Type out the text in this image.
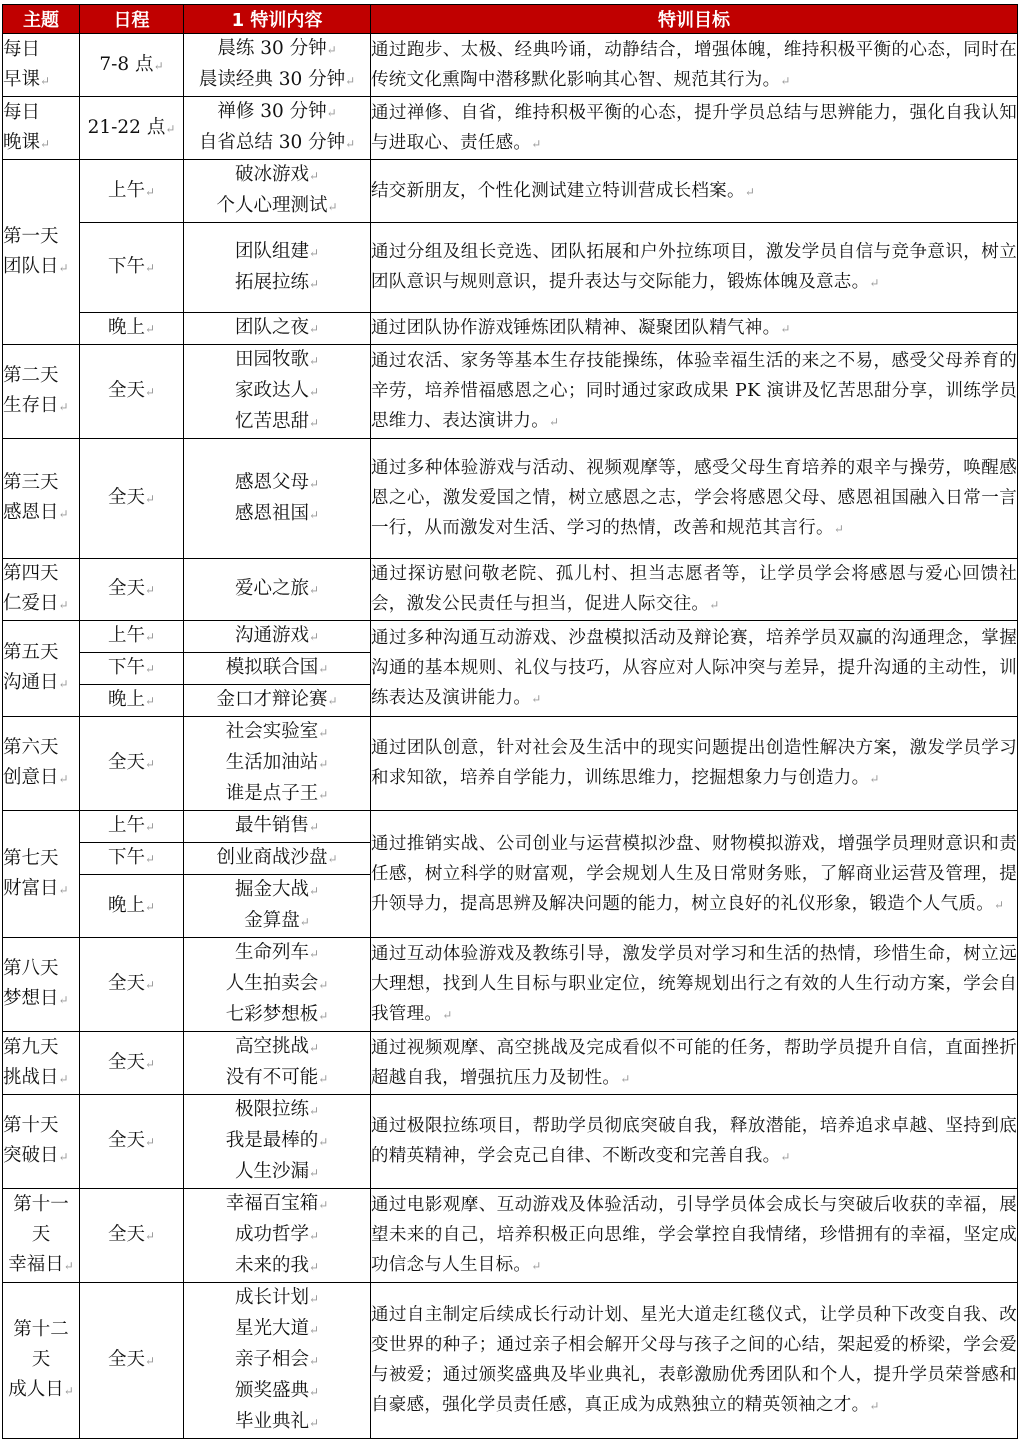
主题	日程	1 特训内容	特训目标

每日
早课↵	7-8 点↵	晨练 30 分钟↵
晨读经典 30 分钟↵	通过跑步、太极、经典吟诵，动静结合，增强体魄，维持积极平衡的心态，同时在传统文化熏陶中潜移默化影响其心智、规范其行为。↵

每日
晚课↵	21-22 点↵	禅修 30 分钟↵
自省总结 30 分钟↵	通过禅修、自省，维持积极平衡的心态，提升学员总结与思辨能力，强化自我认知与进取心、责任感。↵

第一天
团队日↵	上午↵	破冰游戏↵
个人心理测试↵	结交新朋友，个性化测试建立特训营成长档案。↵

	下午↵	团队组建↵
拓展拉练↵	通过分组及组长竞选、团队拓展和户外拉练项目，激发学员自信与竞争意识，树立团队意识与规则意识，提升表达与交际能力，锻炼体魄及意志。↵

	晚上↵	团队之夜↵	通过团队协作游戏锤炼团队精神、凝聚团队精气神。↵

第二天
生存日↵	全天↵	田园牧歌↵
家政达人↵
忆苦思甜↵	通过农活、家务等基本生存技能操练，体验幸福生活的来之不易，感受父母养育的辛劳，培养惜福感恩之心；同时通过家政成果 PK 演讲及忆苦思甜分享，训练学员思维力、表达演讲力。↵

第三天
感恩日↵	全天↵	感恩父母↵
感恩祖国↵	通过多种体验游戏与活动、视频观摩等，感受父母生育培养的艰辛与操劳，唤醒感恩之心，激发爱国之情，树立感恩之志，学会将感恩父母、感恩祖国融入日常一言一行，从而激发对生活、学习的热情，改善和规范其言行。↵

第四天
仁爱日↵	全天↵	爱心之旅↵	通过探访慰问敬老院、孤儿村、担当志愿者等，让学员学会将感恩与爱心回馈社会，激发公民责任与担当，促进人际交往。↵

第五天
沟通日↵	上午↵	沟通游戏↵	通过多种沟通互动游戏、沙盘模拟活动及辩论赛，培养学员双赢的沟通理念，掌握沟通的基本规则、礼仪与技巧，从容应对人际冲突与差异，提升沟通的主动性，训练表达及演讲能力。↵

	下午↵	模拟联合国↵	

	晚上↵	金口才辩论赛↵	

第六天
创意日↵	全天↵	社会实验室↵
生活加油站↵
谁是点子王↵	通过团队创意，针对社会及生活中的现实问题提出创造性解决方案，激发学员学习和求知欲，培养自学能力，训练思维力，挖掘想象力与创造力。↵

第七天
财富日↵	上午↵	最牛销售↵	通过推销实战、公司创业与运营模拟沙盘、财物模拟游戏，增强学员理财意识和责任感，树立科学的财富观，学会规划人生及日常财务账，了解商业运营及管理，提升领导力，提高思辨及解决问题的能力，树立良好的礼仪形象，锻造个人气质。↵

	下午↵	创业商战沙盘↵	

	晚上↵	掘金大战↵
金算盘↵	

第八天
梦想日↵	全天↵	生命列车↵
人生拍卖会↵
七彩梦想板↵	通过互动体验游戏及教练引导，激发学员对学习和生活的热情，珍惜生命，树立远大理想，找到人生目标与职业定位，统筹规划出行之有效的人生行动方案，学会自我管理。↵

第九天
挑战日↵	全天↵	高空挑战↵
没有不可能↵	通过视频观摩、高空挑战及完成看似不可能的任务，帮助学员提升自信，直面挫折超越自我，增强抗压力及韧性。↵

第十天
突破日↵	全天↵	极限拉练↵
我是最棒的↵
人生沙漏↵	通过极限拉练项目，帮助学员彻底突破自我，释放潜能，培养追求卓越、坚持到底的精英精神，学会克己自律、不断改变和完善自我。↵

第十一
天
幸福日↵	全天↵	幸福百宝箱↵
成功哲学↵
未来的我↵	通过电影观摩、互动游戏及体验活动，引导学员体会成长与突破后收获的幸福，展望未来的自己，培养积极正向思维，学会掌控自我情绪，珍惜拥有的幸福，坚定成功信念与人生目标。↵

第十二
天
成人日↵	全天↵	成长计划↵
星光大道↵
亲子相会↵
颁奖盛典↵
毕业典礼↵	通过自主制定后续成长行动计划、星光大道走红毯仪式，让学员种下改变自我、改变世界的种子；通过亲子相会解开父母与孩子之间的心结，架起爱的桥梁，学会爱与被爱；通过颁奖盛典及毕业典礼，表彰激励优秀团队和个人，提升学员荣誉感和自豪感，强化学员责任感，真正成为成熟独立的精英领袖之才。↵
